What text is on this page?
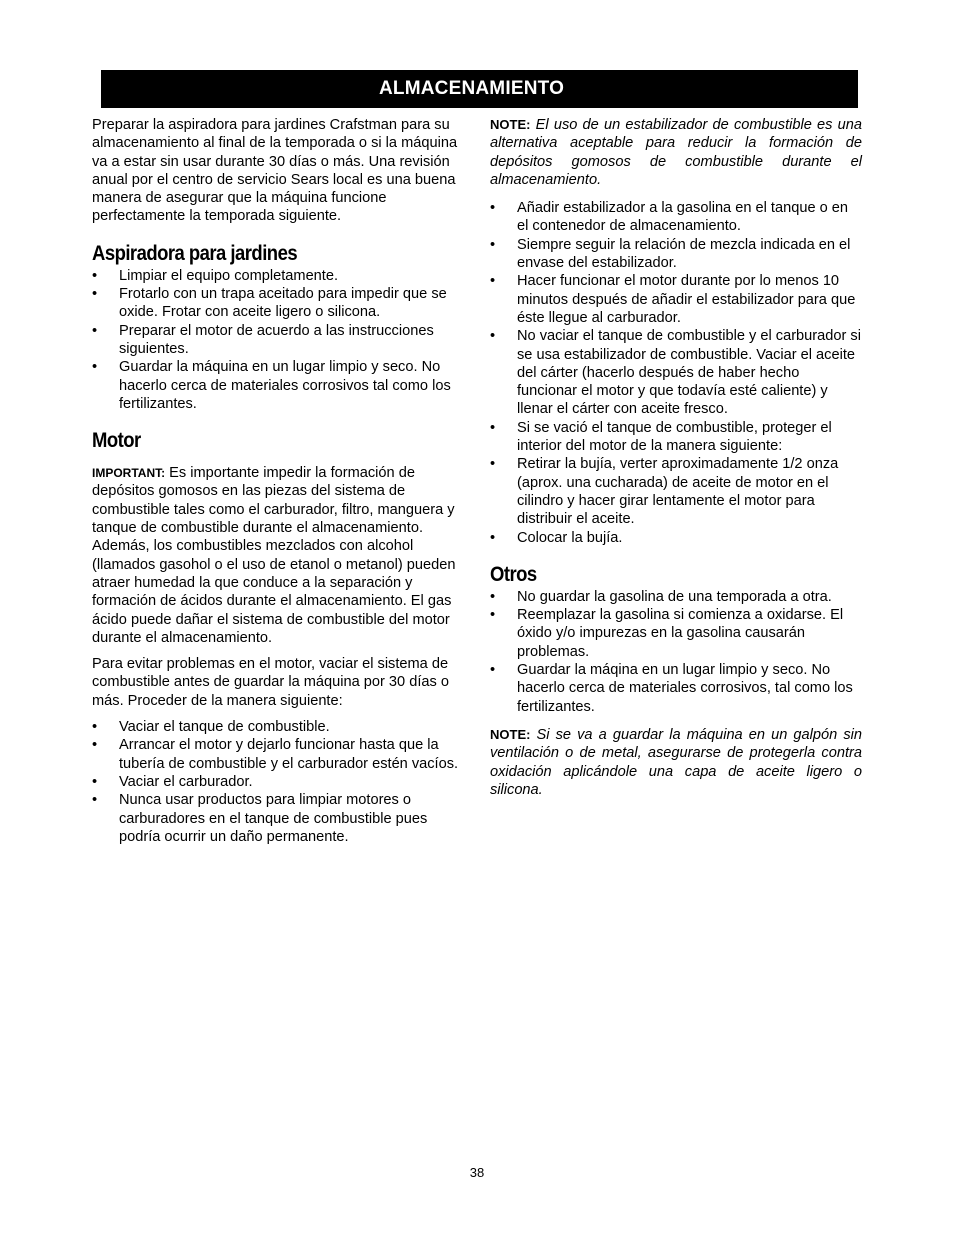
ALMACENAMIENTO

Preparar la aspiradora para jardines Crafstman para su almacenamiento al final de la temporada o si la máquina va a estar sin usar durante 30 días o más. Una revisión anual por el centro de servicio Sears local es una buena manera de asegurar que la máquina funcione perfectamente la temporada siguiente.

Aspiradora para jardines
• Limpiar el equipo completamente.
• Frotarlo con un trapa aceitado para impedir que se oxide. Frotar con aceite ligero o silicona.
• Preparar el motor de acuerdo a las instrucciones siguientes.
• Guardar la máquina en un lugar limpio y seco. No hacerlo cerca de materiales corrosivos tal como los fertilizantes.
Motor

IMPORTANT: Es importante impedir la formación de depósitos gomosos en las piezas del sistema de combustible tales como el carburador, filtro, manguera y tanque de combustible durante el almacenamiento. Además, los combustibles mezclados con alcohol (llamados gasohol o el uso de etanol o metanol) pueden atraer humedad la que conduce a la separación y formación de ácidos durante el almacenamiento. El gas ácido puede dañar el sistema de combustible del motor durante el almacenamiento.

Para evitar problemas en el motor, vaciar el sistema de combustible antes de guardar la máquina por 30 días o más. Proceder de la manera siguiente:

• Vaciar el tanque de combustible.
• Arrancar el motor y dejarlo funcionar hasta que la tubería de combustible y el carburador estén vacíos.
• Vaciar el carburador.
• Nunca usar productos para limpiar motores o carburadores en el tanque de combustible pues podría ocurrir un daño permanente.

NOTE: El uso de un estabilizador de combustible es una alternativa aceptable para reducir la formación de depósitos gomosos de combustible durante el almacenamiento.

• Añadir estabilizador a la gasolina en el tanque o en el contenedor de almacenamiento.
• Siempre seguir la relación de mezcla indicada en el envase del estabilizador.
• Hacer funcionar el motor durante por lo menos 10 minutos después de añadir el estabilizador para que éste llegue al carburador.
• No vaciar el tanque de combustible y el carburador si se usa estabilizador de combustible. Vaciar el aceite del cárter (hacerlo después de haber hecho funcionar el motor y que todavía esté caliente) y llenar el cárter con aceite fresco.
• Si se vació el tanque de combustible, proteger el interior del motor de la manera siguiente:
• Retirar la bujía, verter aproximadamente 1/2 onza (aprox. una cucharada) de aceite de motor en el cilindro y hacer girar lentamente el motor para distribuir el aceite.
• Colocar la bujía.
Otros
• No guardar la gasolina de una temporada a otra.
• Reemplazar la gasolina si comienza a oxidarse. El óxido y/o impurezas en la gasolina causarán problemas.
• Guardar la máqina en un lugar limpio y seco. No hacerlo cerca de materiales corrosivos, tal como los fertilizantes.

NOTE: Si se va a guardar la máquina en un galpón sin ventilación o de metal, asegurarse de protegerla contra oxidación aplicándole una capa de aceite ligero o silicona.

38
